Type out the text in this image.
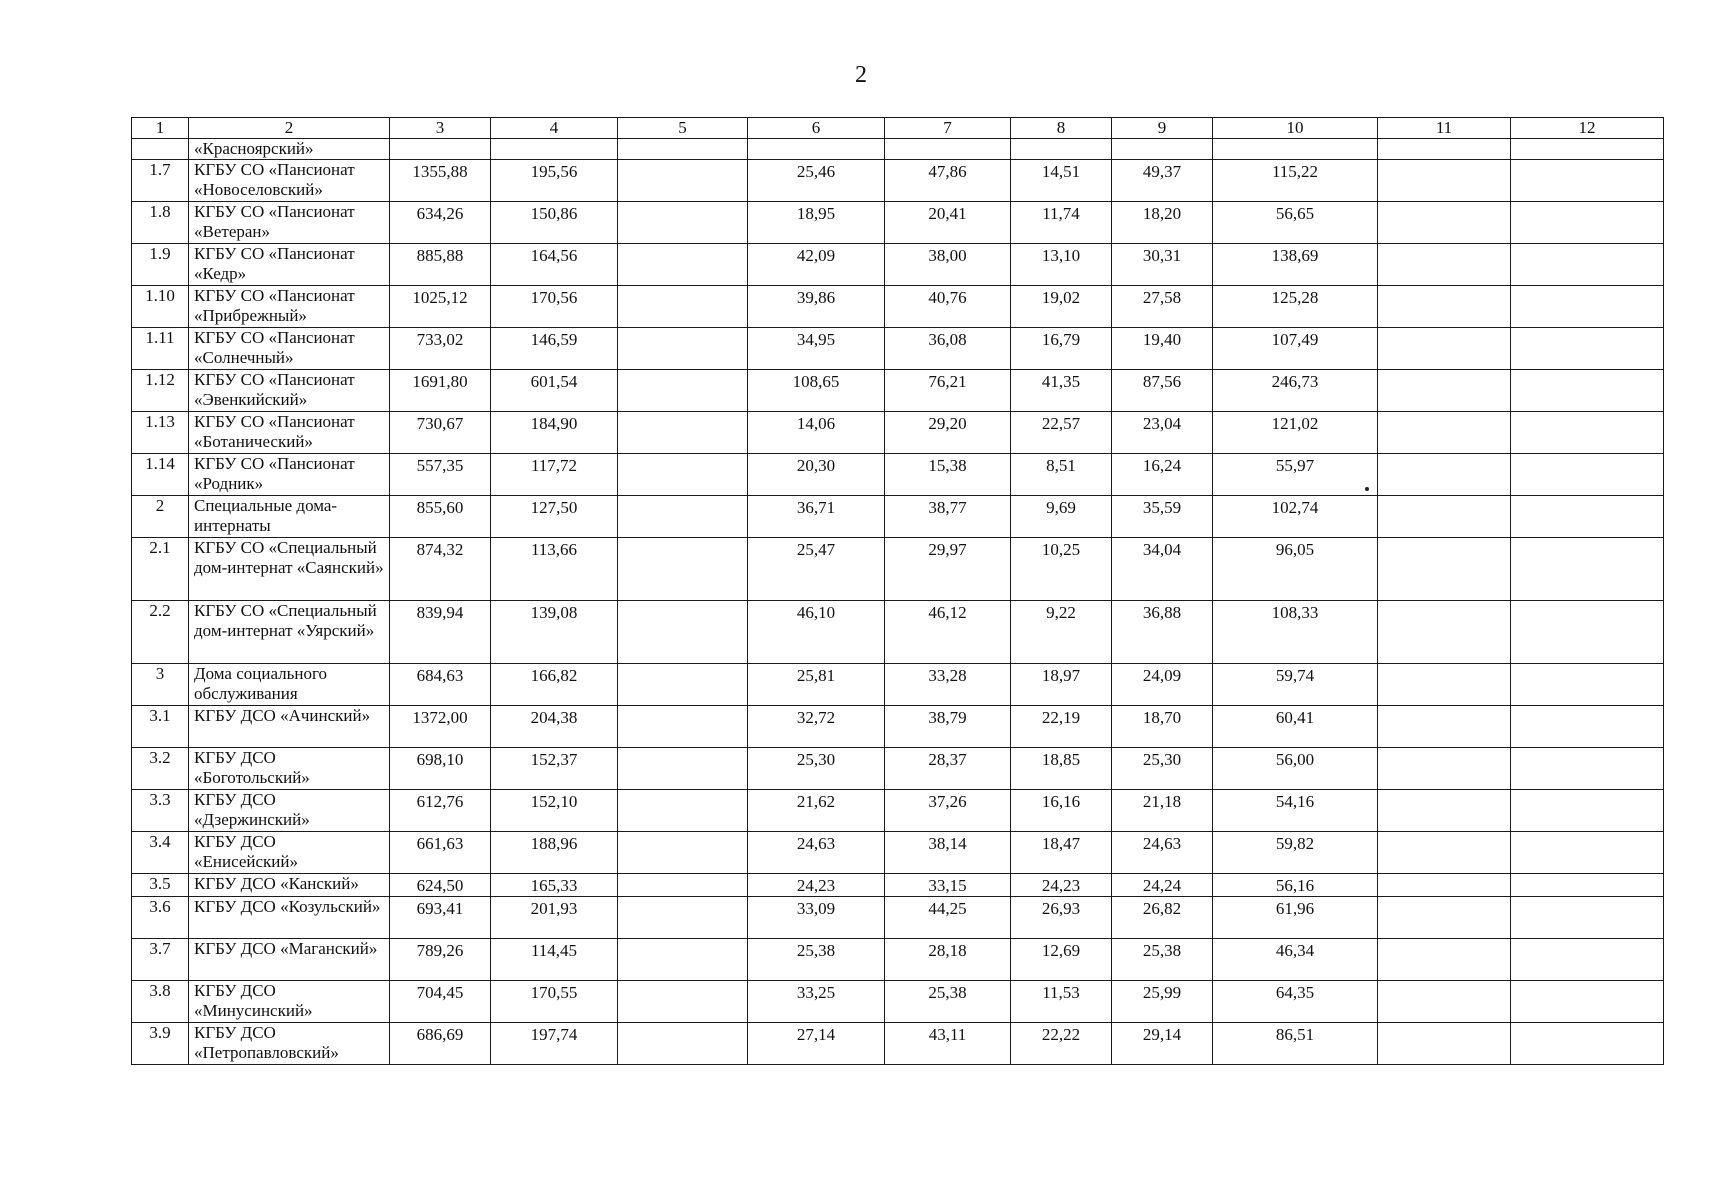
2
1	2	3	4	5	6	7	8	9	10	11	12

	«Красноярский»										

1.7	КГБУ СО «Пансионат «Новоселовский»	1355,88	195,56		25,46	47,86	14,51	49,37	115,22		

1.8	КГБУ СО «Пансионат «Ветеран»	634,26	150,86		18,95	20,41	11,74	18,20	56,65		

1.9	КГБУ СО «Пансионат «Кедр»	885,88	164,56		42,09	38,00	13,10	30,31	138,69		

1.10	КГБУ СО «Пансионат «Прибрежный»	1025,12	170,56		39,86	40,76	19,02	27,58	125,28		

1.11	КГБУ СО «Пансионат «Солнечный»	733,02	146,59		34,95	36,08	16,79	19,40	107,49		

1.12	КГБУ СО «Пансионат «Эвенкийский»	1691,80	601,54		108,65	76,21	41,35	87,56	246,73		

1.13	КГБУ СО «Пансионат «Ботанический»	730,67	184,90		14,06	29,20	22,57	23,04	121,02		

1.14	КГБУ СО «Пансионат «Родник»	557,35	117,72		20,30	15,38	8,51	16,24	55,97		

2	Специальные дома-интернаты	855,60	127,50		36,71	38,77	9,69	35,59	102,74		

2.1	КГБУ СО «Специальный дом-интернат «Саянский»	874,32	113,66		25,47	29,97	10,25	34,04	96,05		

2.2	КГБУ СО «Специальный дом-интернат «Уярский»	839,94	139,08		46,10	46,12	9,22	36,88	108,33		

3	Дома социального обслуживания	684,63	166,82		25,81	33,28	18,97	24,09	59,74		

3.1	КГБУ ДСО «Ачинский»	1372,00	204,38		32,72	38,79	22,19	18,70	60,41		

3.2	КГБУ ДСО «Боготольский»	698,10	152,37		25,30	28,37	18,85	25,30	56,00		

3.3	КГБУ ДСО «Дзержинский»	612,76	152,10		21,62	37,26	16,16	21,18	54,16		

3.4	КГБУ ДСО «Енисейский»	661,63	188,96		24,63	38,14	18,47	24,63	59,82		

3.5	КГБУ ДСО «Канский»	624,50	165,33		24,23	33,15	24,23	24,24	56,16		

3.6	КГБУ ДСО «Козульский»	693,41	201,93		33,09	44,25	26,93	26,82	61,96		

3.7	КГБУ ДСО «Маганский»	789,26	114,45		25,38	28,18	12,69	25,38	46,34		

3.8	КГБУ ДСО «Минусинский»	704,45	170,55		33,25	25,38	11,53	25,99	64,35		

3.9	КГБУ ДСО «Петропавловский»	686,69	197,74		27,14	43,11	22,22	29,14	86,51		
